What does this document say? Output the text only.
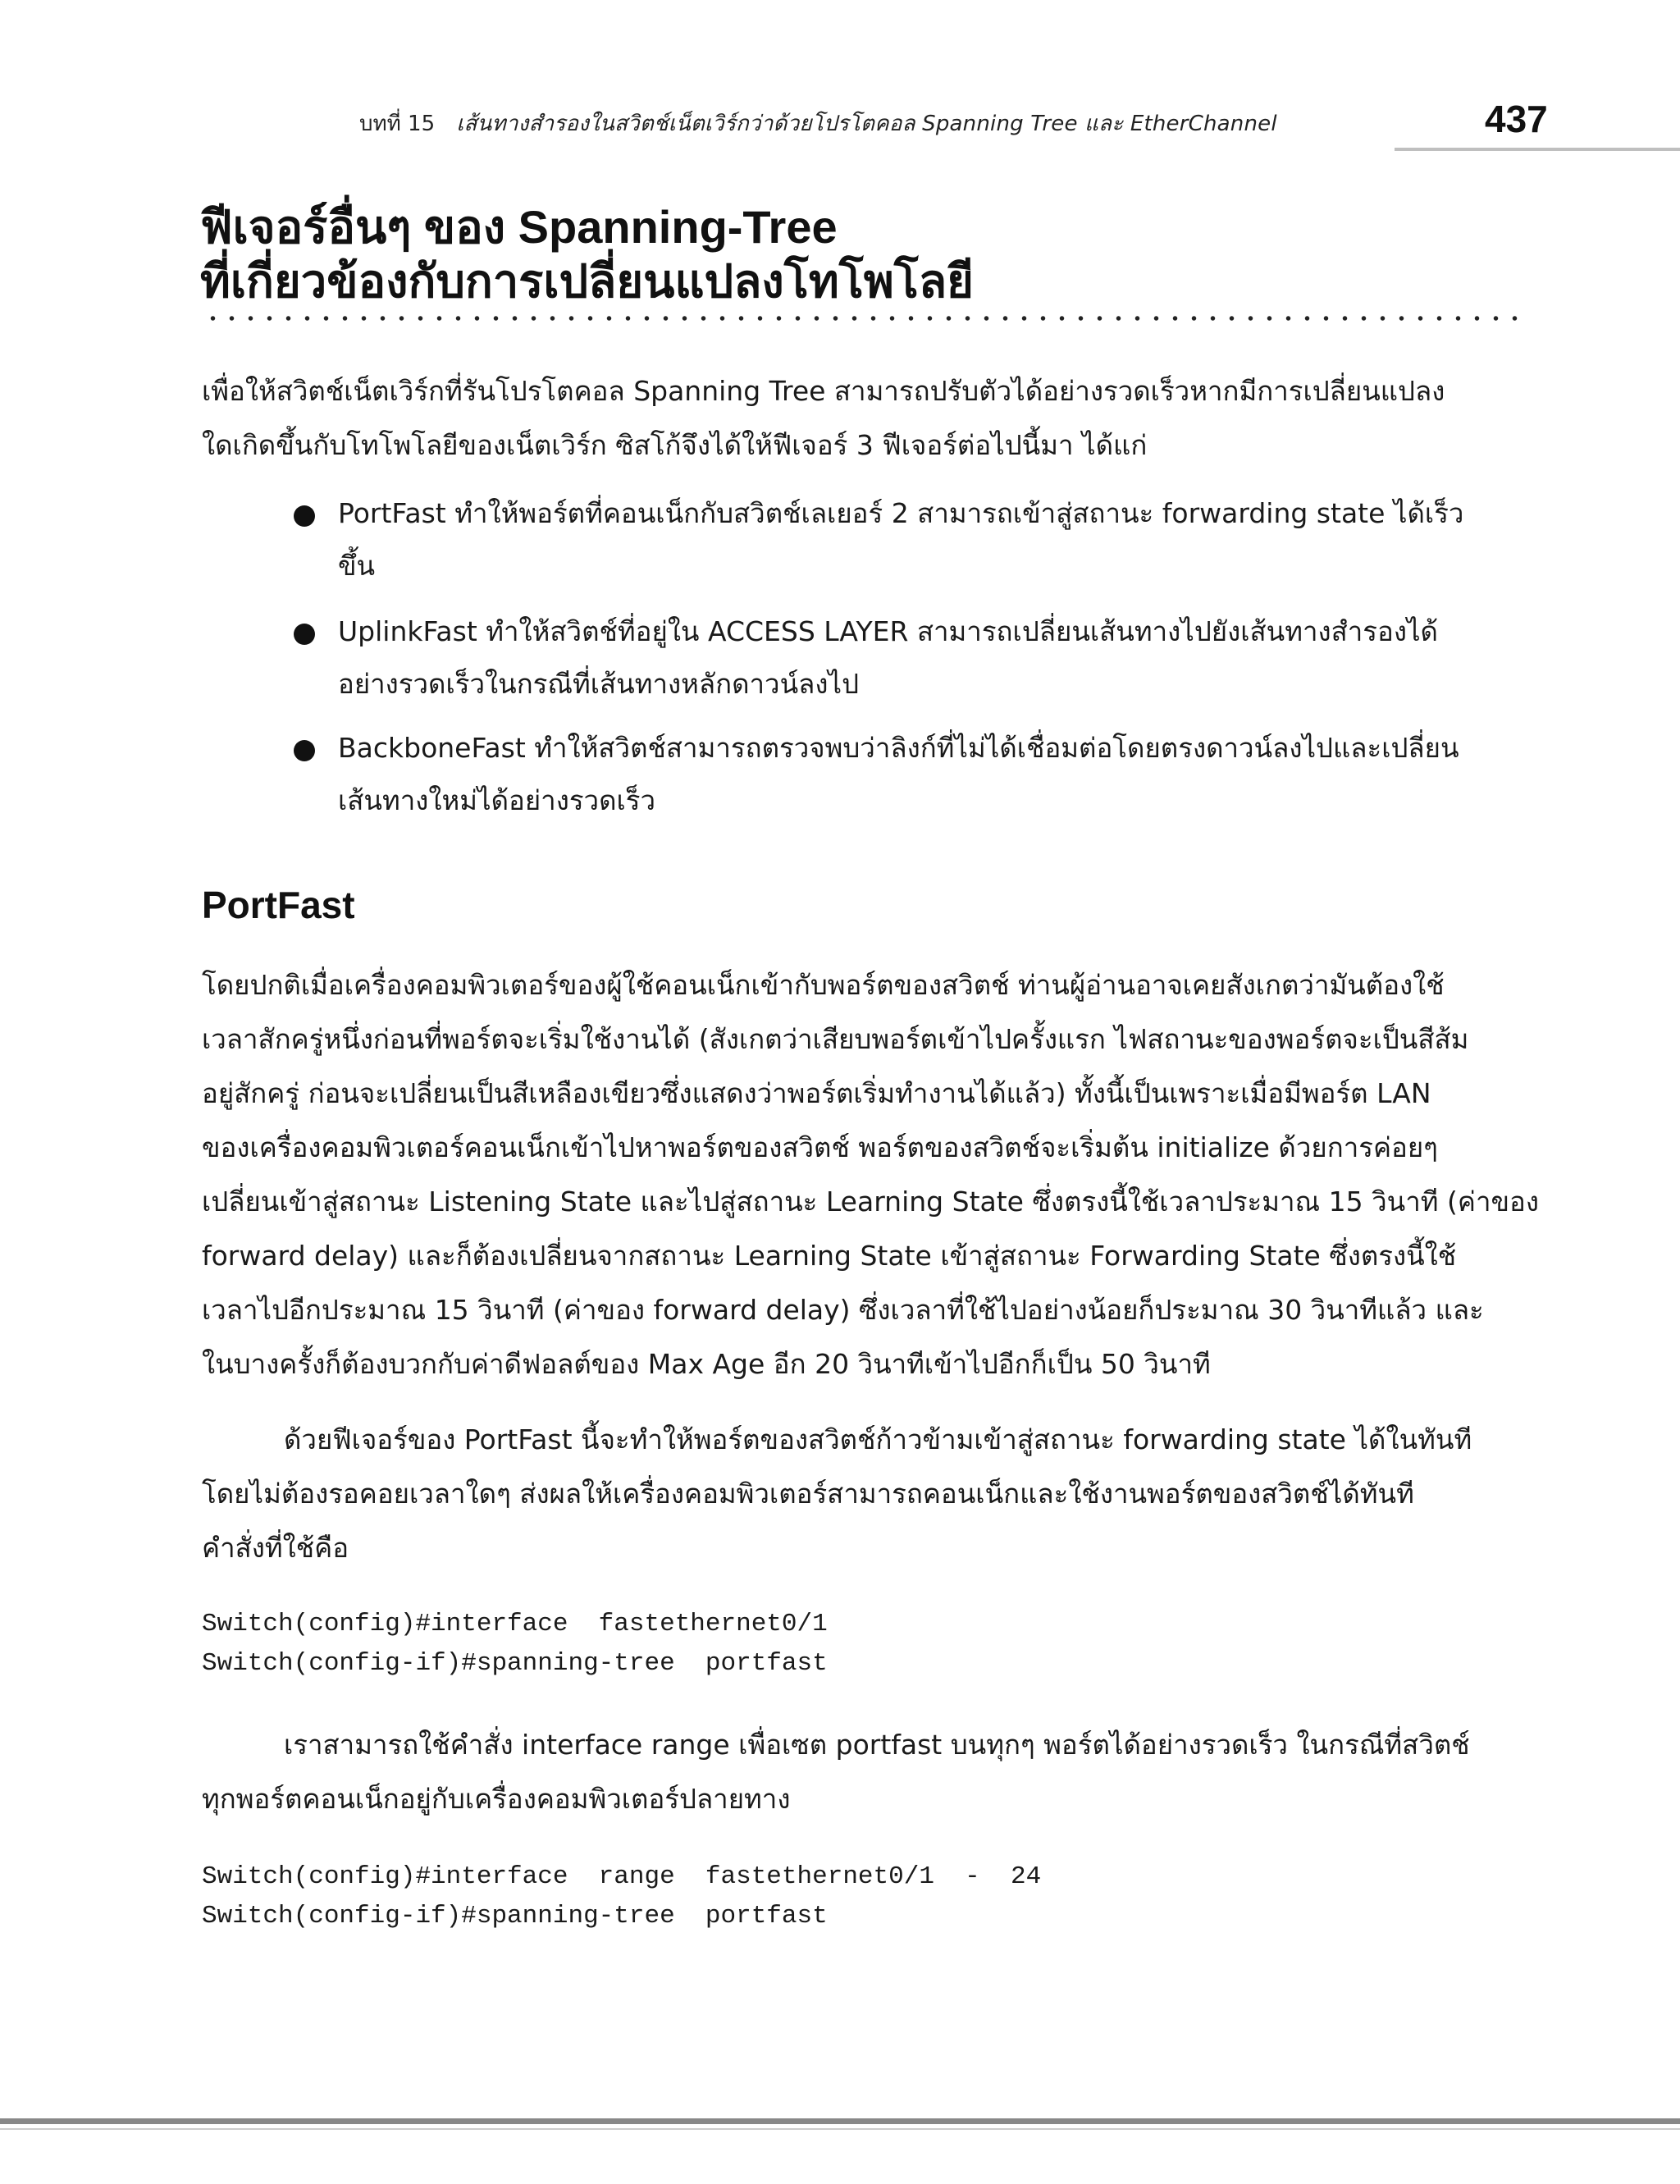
บทที่ 15 เส้นทางสำรองในสวิตช์เน็ตเวิร์กว่าด้วยโปรโตคอล Spanning Tree และ EtherChannel	437
ฟีเจอร์อื่นๆ ของ Spanning-Tree
ที่เกี่ยวข้องกับการเปลี่ยนแปลงโทโพโลยี
เพื่อให้สวิตช์เน็ตเวิร์กที่รันโปรโตคอล Spanning Tree สามารถปรับตัวได้อย่างรวดเร็วหากมีการเปลี่ยนแปลง
ใดเกิดขึ้นกับโทโพโลยีของเน็ตเวิร์ก ซิสโก้จึงได้ให้ฟีเจอร์ 3 ฟีเจอร์ต่อไปนี้มา ได้แก่
PortFast ทำให้พอร์ตที่คอนเน็กกับสวิตช์เลเยอร์ 2 สามารถเข้าสู่สถานะ forwarding state ได้เร็ว
ขึ้น
UplinkFast ทำให้สวิตช์ที่อยู่ใน ACCESS LAYER สามารถเปลี่ยนเส้นทางไปยังเส้นทางสำรองได้
อย่างรวดเร็วในกรณีที่เส้นทางหลักดาวน์ลงไป
BackboneFast ทำให้สวิตช์สามารถตรวจพบว่าลิงก์ที่ไม่ได้เชื่อมต่อโดยตรงดาวน์ลงไปและเปลี่ยน
เส้นทางใหม่ได้อย่างรวดเร็ว
PortFast
โดยปกติเมื่อเครื่องคอมพิวเตอร์ของผู้ใช้คอนเน็กเข้ากับพอร์ตของสวิตช์ ท่านผู้อ่านอาจเคยสังเกตว่ามันต้องใช้
เวลาสักครู่หนึ่งก่อนที่พอร์ตจะเริ่มใช้งานได้ (สังเกตว่าเสียบพอร์ตเข้าไปครั้งแรก ไฟสถานะของพอร์ตจะเป็นสีส้ม
อยู่สักครู่ ก่อนจะเปลี่ยนเป็นสีเหลืองเขียวซึ่งแสดงว่าพอร์ตเริ่มทำงานได้แล้ว) ทั้งนี้เป็นเพราะเมื่อมีพอร์ต LAN
ของเครื่องคอมพิวเตอร์คอนเน็กเข้าไปหาพอร์ตของสวิตช์ พอร์ตของสวิตช์จะเริ่มต้น initialize ด้วยการค่อยๆ
เปลี่ยนเข้าสู่สถานะ Listening State และไปสู่สถานะ Learning State ซึ่งตรงนี้ใช้เวลาประมาณ 15 วินาที (ค่าของ
forward delay) และก็ต้องเปลี่ยนจากสถานะ Learning State เข้าสู่สถานะ Forwarding State ซึ่งตรงนี้ใช้
เวลาไปอีกประมาณ 15 วินาที (ค่าของ forward delay) ซึ่งเวลาที่ใช้ไปอย่างน้อยก็ประมาณ 30 วินาทีแล้ว และ
ในบางครั้งก็ต้องบวกกับค่าดีฟอลต์ของ Max Age อีก 20 วินาทีเข้าไปอีกก็เป็น 50 วินาที
ด้วยฟีเจอร์ของ PortFast นี้จะทำให้พอร์ตของสวิตช์ก้าวข้ามเข้าสู่สถานะ forwarding state ได้ในทันที
โดยไม่ต้องรอคอยเวลาใดๆ ส่งผลให้เครื่องคอมพิวเตอร์สามารถคอนเน็กและใช้งานพอร์ตของสวิตช์ได้ทันที
คำสั่งที่ใช้คือ
Switch(config)#interface  fastethernet0/1
Switch(config-if)#spanning-tree  portfast
เราสามารถใช้คำสั่ง interface range เพื่อเซต portfast บนทุกๆ พอร์ตได้อย่างรวดเร็ว ในกรณีที่สวิตช์
ทุกพอร์ตคอนเน็กอยู่กับเครื่องคอมพิวเตอร์ปลายทาง
Switch(config)#interface  range  fastethernet0/1  -  24
Switch(config-if)#spanning-tree  portfast
